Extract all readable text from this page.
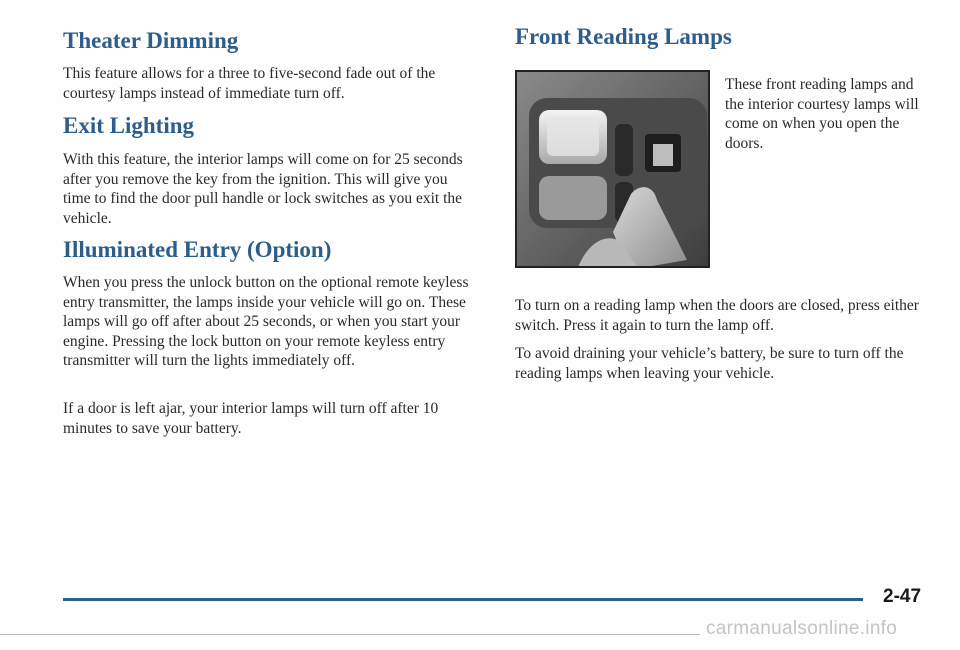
Theater Dimming

This feature allows for a three to five-second fade out of the courtesy lamps instead of immediate turn off.

Exit Lighting

With this feature, the interior lamps will come on for 25 seconds after you remove the key from the ignition. This will give you time to find the door pull handle or lock switches as you exit the vehicle.

Illuminated Entry (Option)

When you press the unlock button on the optional remote keyless entry transmitter, the lamps inside your vehicle will go on. These lamps will go off after about 25 seconds, or when you start your engine. Pressing the lock button on your remote keyless entry transmitter will turn the lights immediately off.

If a door is left ajar, your interior lamps will turn off after 10 minutes to save your battery.

Front Reading Lamps

These front reading lamps and the interior courtesy lamps will come on when you open the doors.

To turn on a reading lamp when the doors are closed, press either switch. Press it again to turn the lamp off.

To avoid draining your vehicle’s battery, be sure to turn off the reading lamps when leaving your vehicle.

2-47
carmanualsonline.info
